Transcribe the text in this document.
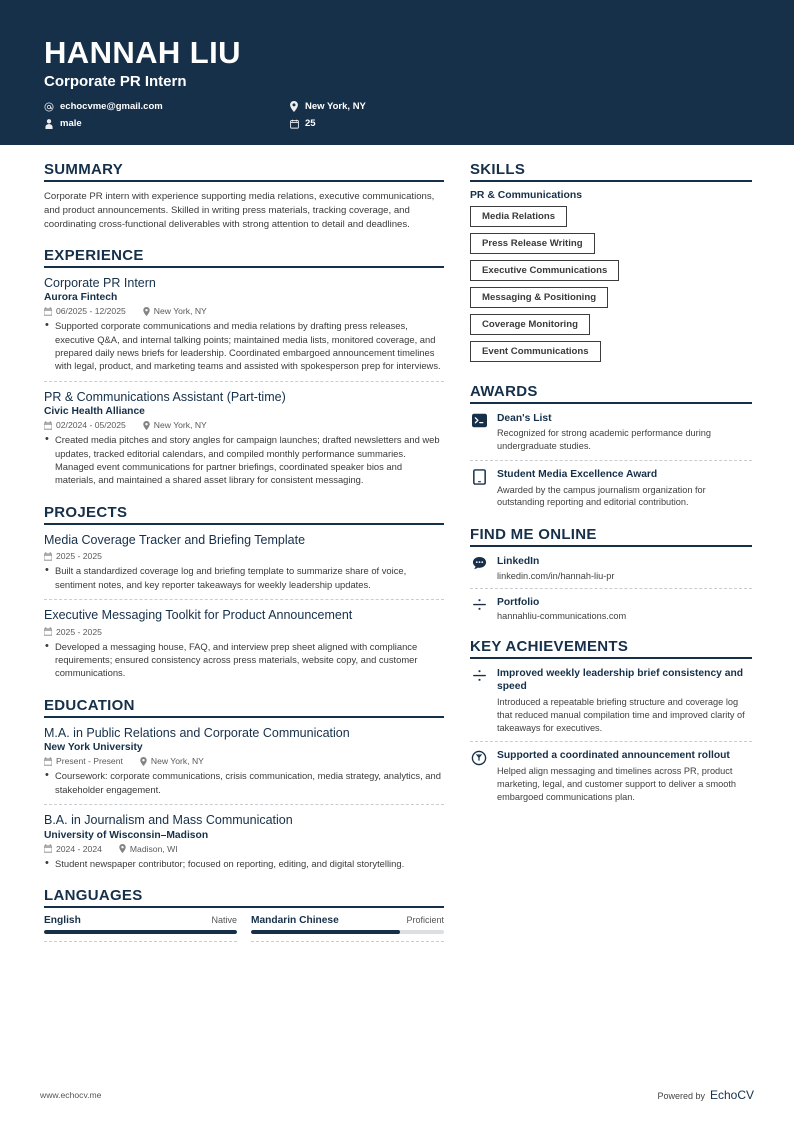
HANNAH LIU
Corporate PR Intern
echocvme@gmail.com	New York, NY
male	25
SUMMARY
Corporate PR intern with experience supporting media relations, executive communications, and product announcements. Skilled in writing press materials, tracking coverage, and coordinating cross-functional deliverables with strong attention to detail and deadlines.
EXPERIENCE
Corporate PR Intern
Aurora Fintech
06/2025 - 12/2025	New York, NY
• Supported corporate communications and media relations by drafting press releases, executive Q&A, and internal talking points; maintained media lists, monitored coverage, and prepared daily news briefs for leadership. Coordinated embargoed announcement timelines with legal, product, and marketing teams and assisted with spokesperson prep for interviews.
PR & Communications Assistant (Part-time)
Civic Health Alliance
02/2024 - 05/2025	New York, NY
• Created media pitches and story angles for campaign launches; drafted newsletters and web updates, tracked editorial calendars, and compiled monthly performance summaries. Managed event communications for partner briefings, coordinated speaker bios and materials, and maintained a shared asset library for consistent messaging.
PROJECTS
Media Coverage Tracker and Briefing Template
2025 - 2025
• Built a standardized coverage log and briefing template to summarize share of voice, sentiment notes, and key reporter takeaways for weekly leadership updates.
Executive Messaging Toolkit for Product Announcement
2025 - 2025
• Developed a messaging house, FAQ, and interview prep sheet aligned with compliance requirements; ensured consistency across press materials, website copy, and customer communications.
EDUCATION
M.A. in Public Relations and Corporate Communication
New York University
Present - Present	New York, NY
• Coursework: corporate communications, crisis communication, media strategy, analytics, and stakeholder engagement.
B.A. in Journalism and Mass Communication
University of Wisconsin–Madison
2024 - 2024	Madison, WI
• Student newspaper contributor; focused on reporting, editing, and digital storytelling.
LANGUAGES
English	Native Mandarin Chinese	Proficient
SKILLS
PR & Communications
Media Relations
Press Release Writing
Executive Communications
Messaging & Positioning
Coverage Monitoring
Event Communications
AWARDS
Dean's List
Recognized for strong academic performance during undergraduate studies.
Student Media Excellence Award
Awarded by the campus journalism organization for outstanding reporting and editorial contribution.
FIND ME ONLINE
LinkedIn
linkedin.com/in/hannah-liu-pr
Portfolio
hannahliu-communications.com
KEY ACHIEVEMENTS
Improved weekly leadership brief consistency and speed
Introduced a repeatable briefing structure and coverage log that reduced manual compilation time and improved clarity of takeaways for executives.
Supported a coordinated announcement rollout
Helped align messaging and timelines across PR, product marketing, legal, and customer support to deliver a smooth embargoed communications plan.
www.echocv.me	Powered by EchoCV
